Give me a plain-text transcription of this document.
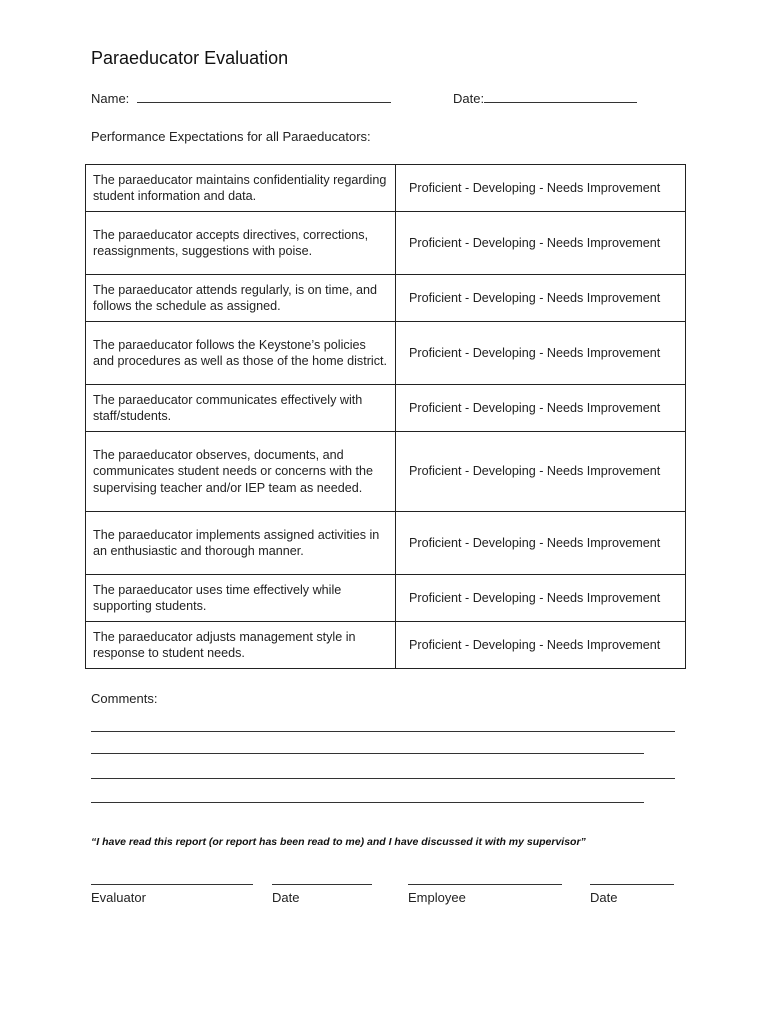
Paraeducator Evaluation
Name:	Date:
Performance Expectations for all Paraeducators:
The paraeducator maintains confidentiality regarding student information and data.	Proficient - Developing - Needs Improvement
The paraeducator accepts directives, corrections, reassignments, suggestions with poise.	Proficient - Developing - Needs Improvement
The paraeducator attends regularly, is on time, and follows the schedule as assigned.	Proficient - Developing - Needs Improvement
The paraeducator follows the Keystone’s policies and procedures as well as those of the home district.	Proficient - Developing - Needs Improvement
The paraeducator communicates effectively with staff/students.	Proficient - Developing - Needs Improvement
The paraeducator observes, documents, and communicates student needs or concerns with the supervising teacher and/or IEP team as needed.	Proficient - Developing - Needs Improvement
The paraeducator implements assigned activities in an enthusiastic and thorough manner.	Proficient - Developing - Needs Improvement
The paraeducator uses time effectively while supporting students.	Proficient - Developing - Needs Improvement
The paraeducator adjusts management style in response to student needs.	Proficient - Developing - Needs Improvement
Comments:
“I have read this report (or report has been read to me) and I have discussed it with my supervisor”
Evaluator	Date	Employee	Date
